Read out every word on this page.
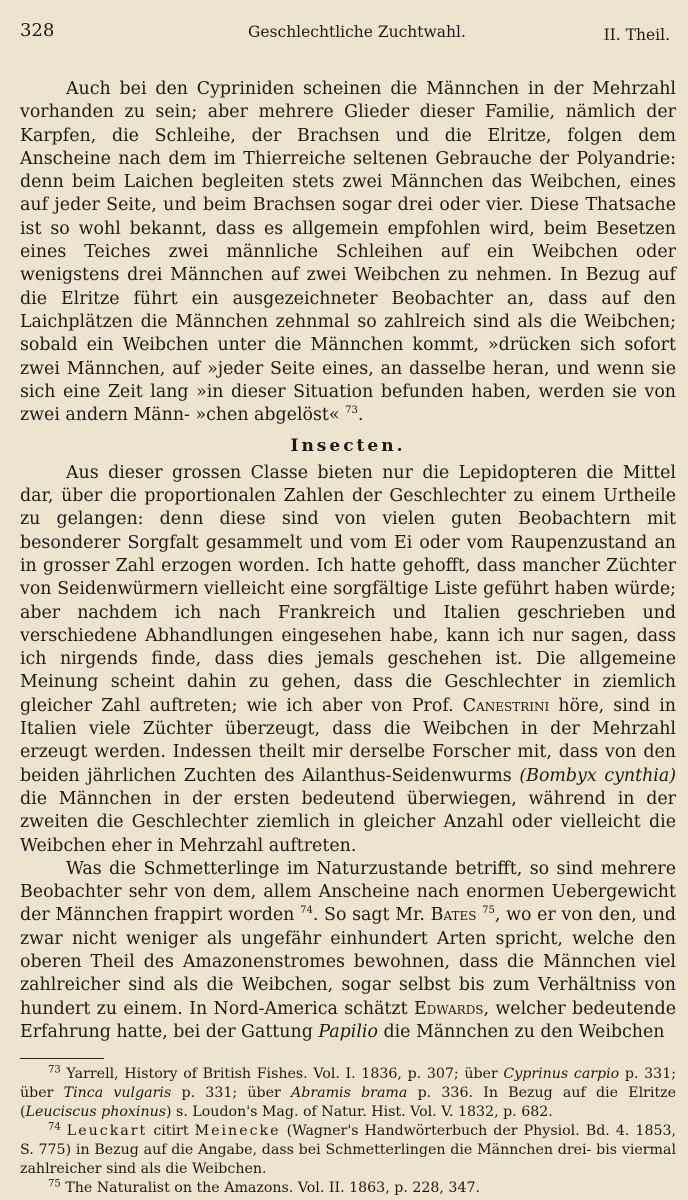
328	Geschlechtliche Zuchtwahl.	II. Theil.

Auch bei den Cypriniden scheinen die Männchen in der Mehrzahl vorhanden zu sein; aber mehrere Glieder dieser Familie, nämlich der Karpfen, die Schleihe, der Brachsen und die Elritze, folgen dem Anscheine nach dem im Thierreiche seltenen Gebrauche der Polyandrie: denn beim Laichen begleiten stets zwei Männchen das Weibchen, eines auf jeder Seite, und beim Brachsen sogar drei oder vier. Diese Thatsache ist so wohl bekannt, dass es allgemein empfohlen wird, beim Besetzen eines Teiches zwei männliche Schleihen auf ein Weibchen oder wenigstens drei Männchen auf zwei Weibchen zu nehmen. In Bezug auf die Elritze führt ein ausgezeichneter Beobachter an, dass auf den Laichplätzen die Männchen zehnmal so zahlreich sind als die Weibchen; sobald ein Weibchen unter die Männchen kommt, »drücken sich sofort zwei Männchen, auf »jeder Seite eines, an dasselbe heran, und wenn sie sich eine Zeit lang »in dieser Situation befunden haben, werden sie von zwei andern Männ- »chen abgelöst« $^{73}$.

Insecten.

Aus dieser grossen Classe bieten nur die Lepidopteren die Mittel dar, über die proportionalen Zahlen der Geschlechter zu einem Urtheile zu gelangen: denn diese sind von vielen guten Beobachtern mit besonderer Sorgfalt gesammelt und vom Ei oder vom Raupenzustand an in grosser Zahl erzogen worden. Ich hatte gehofft, dass mancher Züchter von Seidenwürmern vielleicht eine sorgfältige Liste geführt haben würde; aber nachdem ich nach Frankreich und Italien geschrieben und verschiedene Abhandlungen eingesehen habe, kann ich nur sagen, dass ich nirgends finde, dass dies jemals geschehen ist. Die allgemeine Meinung scheint dahin zu gehen, dass die Geschlechter in ziemlich gleicher Zahl auftreten; wie ich aber von Prof. Canestrini höre, sind in Italien viele Züchter überzeugt, dass die Weibchen in der Mehrzahl erzeugt werden. Indessen theilt mir derselbe Forscher mit, dass von den beiden jährlichen Zuchten des Ailanthus-Seidenwurms (Bombyx cynthia) die Männchen in der ersten bedeutend überwiegen, während in der zweiten die Geschlechter ziemlich in gleicher Anzahl oder vielleicht die Weibchen eher in Mehrzahl auftreten.

Was die Schmetterlinge im Naturzustande betrifft, so sind mehrere Beobachter sehr von dem, allem Anscheine nach enormen Uebergewicht der Männchen frappirt worden $^{74}$. So sagt Mr. Bates $^{75}$, wo er von den, und zwar nicht weniger als ungefähr einhundert Arten spricht, welche den oberen Theil des Amazonenstromes bewohnen, dass die Männchen viel zahlreicher sind als die Weibchen, sogar selbst bis zum Verhältniss von hundert zu einem. In Nord-America schätzt Edwards, welcher bedeutende Erfahrung hatte, bei der Gattung Papilio die Männchen zu den Weibchen

$^{73}$ Yarrell, History of British Fishes. Vol. I. 1836, p. 307; über Cyprinus carpio p. 331; über Tinca vulgaris p. 331; über Abramis brama p. 336. In Bezug auf die Elritze (Leuciscus phoxinus) s. Loudon's Mag. of Natur. Hist. Vol. V. 1832, p. 682.

$^{74}$ Leuckart citirt Meinecke (Wagner's Handwörterbuch der Physiol. Bd. 4. 1853, S. 775) in Bezug auf die Angabe, dass bei Schmetterlingen die Männchen drei- bis viermal zahlreicher sind als die Weibchen.

$^{75}$ The Naturalist on the Amazons. Vol. II. 1863, p. 228, 347.
